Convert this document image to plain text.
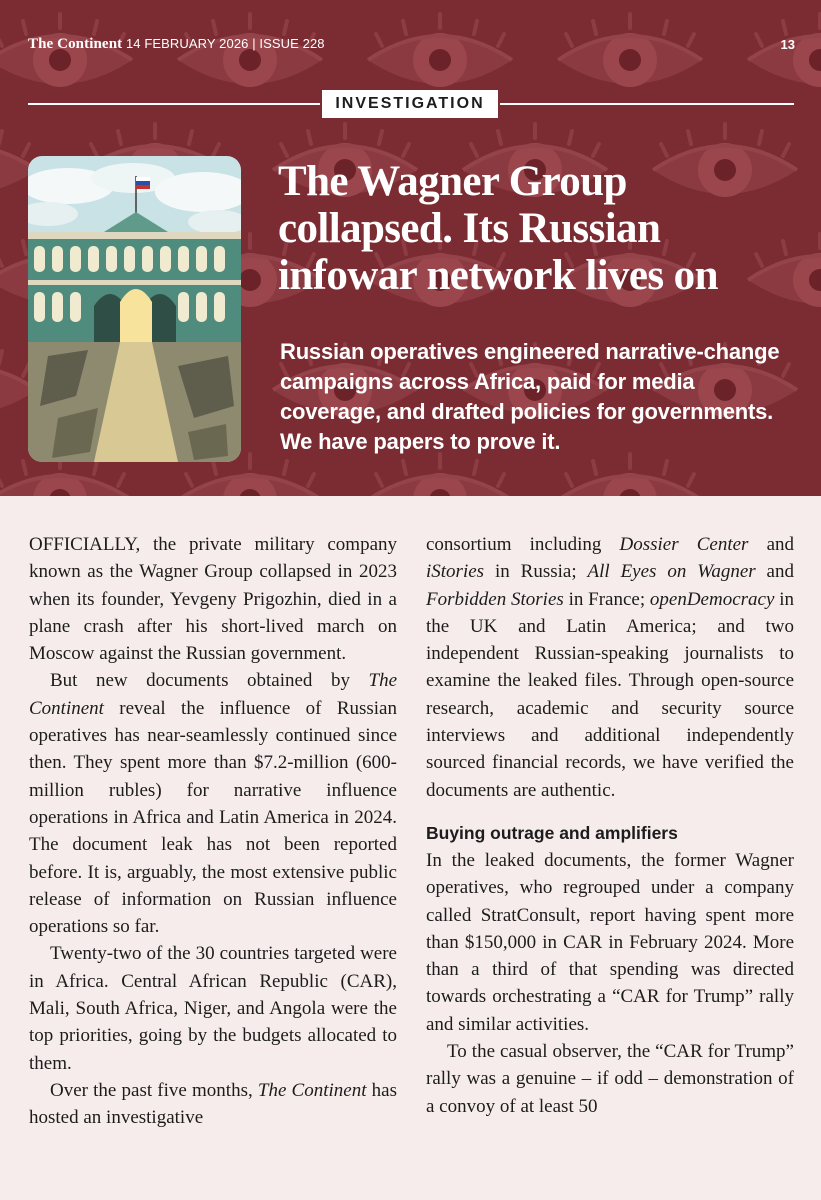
The Continent 14 FEBRUARY 2026 | ISSUE 228	13
INVESTIGATION
The Wagner Group collapsed. Its Russian infowar network lives on

Russian operatives engineered narrative-change campaigns across Africa, paid for media coverage, and drafted policies for governments. We have papers to prove it.

OFFICIALLY, the private military company known as the Wagner Group collapsed in 2023 when its founder, Yevgeny Prigozhin, died in a plane crash after his short-lived march on Moscow against the Russian government.

But new documents obtained by The Continent reveal the influence of Russian operatives has near-seamlessly continued since then. They spent more than $7.2-million (600-million rubles) for narrative influence operations in Africa and Latin America in 2024. The document leak has not been reported before. It is, arguably, the most extensive public release of information on Russian influence operations so far.

Twenty-two of the 30 countries targeted were in Africa. Central African Republic (CAR), Mali, South Africa, Niger, and Angola were the top priorities, going by the budgets allocated to them.

Over the past five months, The Continent has hosted an investigative

consortium including Dossier Center and iStories in Russia; All Eyes on Wagner and Forbidden Stories in France; openDemocracy in the UK and Latin America; and two independent Russian-speaking journalists to examine the leaked files. Through open-source research, academic and security source interviews and additional independently sourced financial records, we have verified the documents are authentic.

Buying outrage and amplifiers

In the leaked documents, the former Wagner operatives, who regrouped under a company called StratConsult, report having spent more than $150,000 in CAR in February 2024. More than a third of that spending was directed towards orchestrating a “CAR for Trump” rally and similar activities.

To the casual observer, the “CAR for Trump” rally was a genuine – if odd – demonstration of a convoy of at least 50
